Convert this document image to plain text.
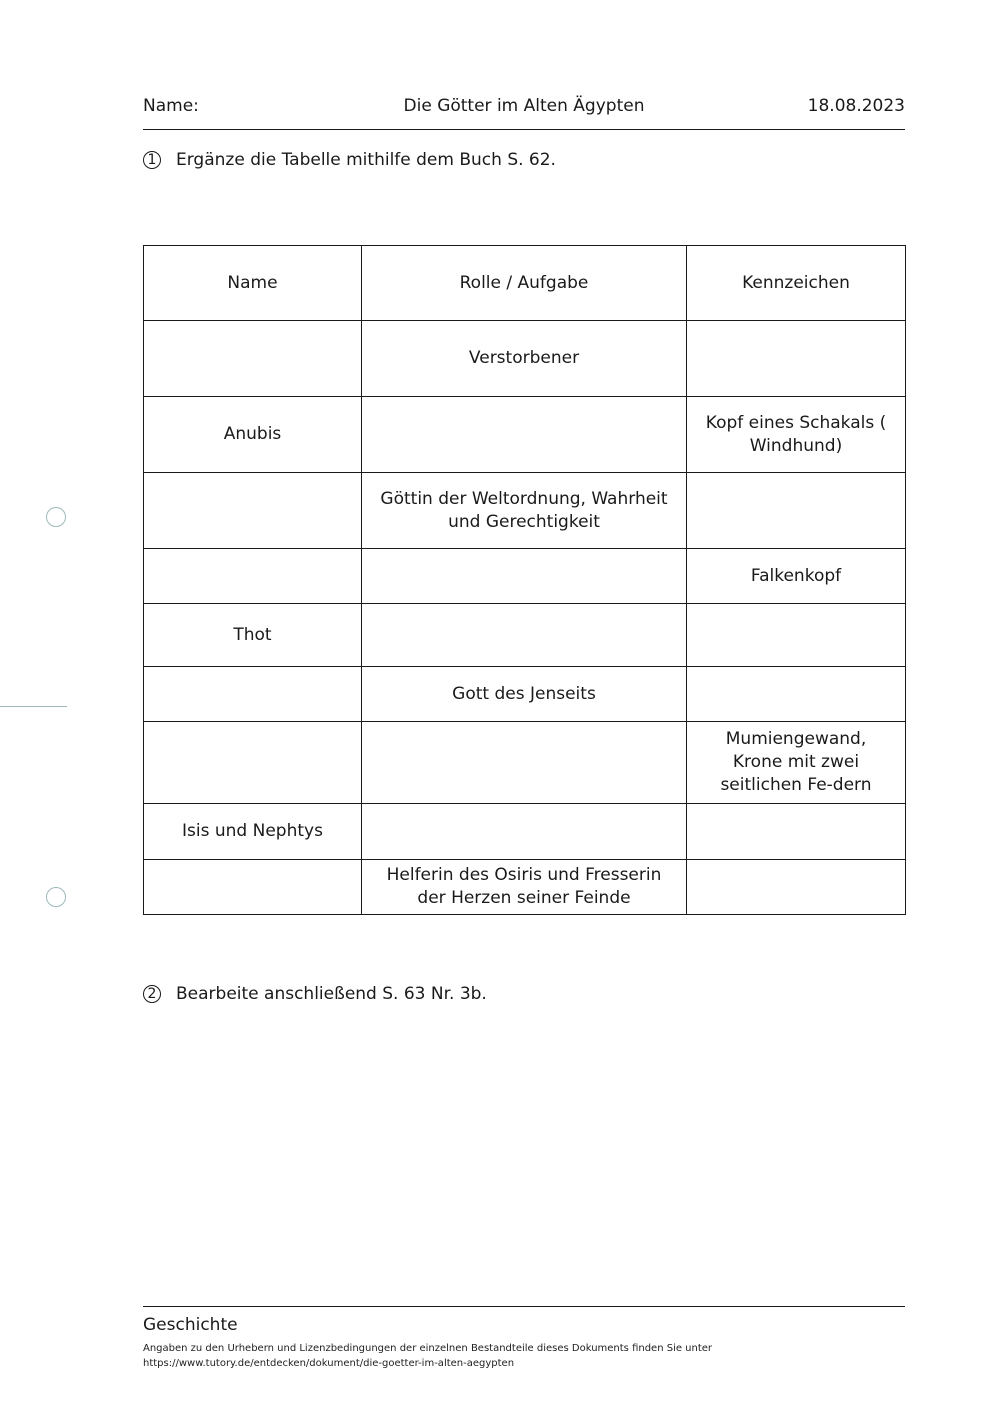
Name:	Die Götter im Alten Ägypten	18.08.2023
1 Ergänze die Tabelle mithilfe dem Buch S. 62.
Name	Rolle / Aufgabe	Kennzeichen
	Verstorbener	
Anubis		Kopf eines Schakals ( Windhund)
	Göttin der Weltordnung, Wahrheit und Gerechtigkeit	
		Falkenkopf
Thot		
	Gott des Jenseits	
		Mumiengewand, Krone mit zwei seitlichen Fe-dern
Isis und Nephtys		
	Helferin des Osiris und Fresserin der Herzen seiner Feinde	
2 Bearbeite anschließend S. 63 Nr. 3b.
Geschichte
Angaben zu den Urhebern und Lizenzbedingungen der einzelnen Bestandteile dieses Dokuments finden Sie unter
https://www.tutory.de/entdecken/dokument/die-goetter-im-alten-aegypten
